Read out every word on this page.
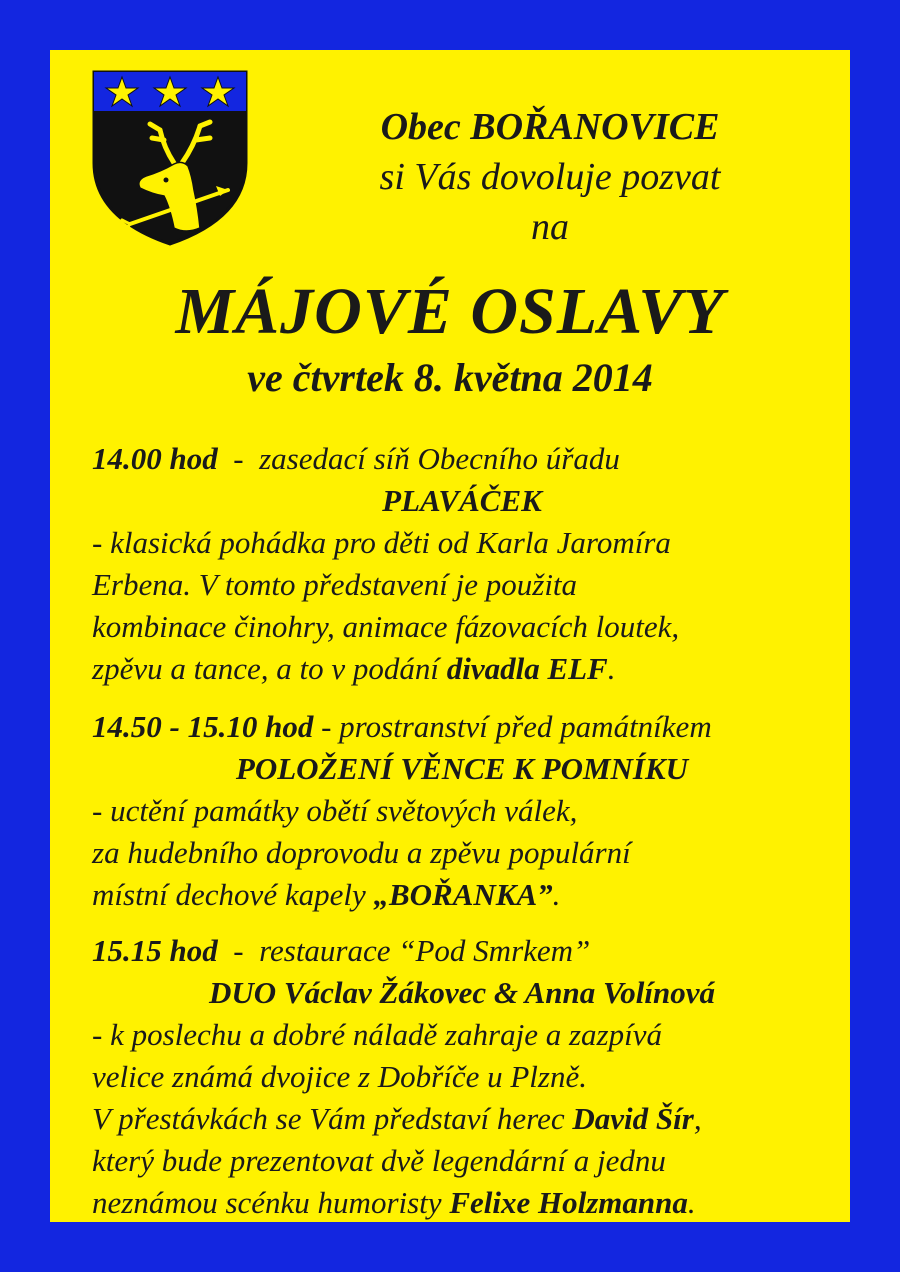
Obec BOŘANOVICE
si Vás dovoluje pozvat
na
MÁJOVÉ OSLAVY
ve čtvrtek 8. května 2014
14.00 hod  -  zasedací síň Obecního úřadu
PLAVÁČEK
- klasická pohádka pro děti od Karla Jaromíra
Erbena. V tomto představení je použita
kombinace činohry, animace fázovacích loutek,
zpěvu a tance, a to v podání divadla ELF.
14.50 - 15.10 hod - prostranství před památníkem
POLOŽENÍ VĚNCE K POMNÍKU
- uctění památky obětí světových válek,
za hudebního doprovodu a zpěvu populární
místní dechové kapely „BOŘANKA”.
15.15 hod  -  restaurace “Pod Smrkem”
DUO Václav Žákovec & Anna Volínová
- k poslechu a dobré náladě zahraje a zazpívá
velice známá dvojice z Dobříče u Plzně.
V přestávkách se Vám představí herec David Šír,
který bude prezentovat dvě legendární a jednu
neznámou scénku humoristy Felixe Holzmanna.
